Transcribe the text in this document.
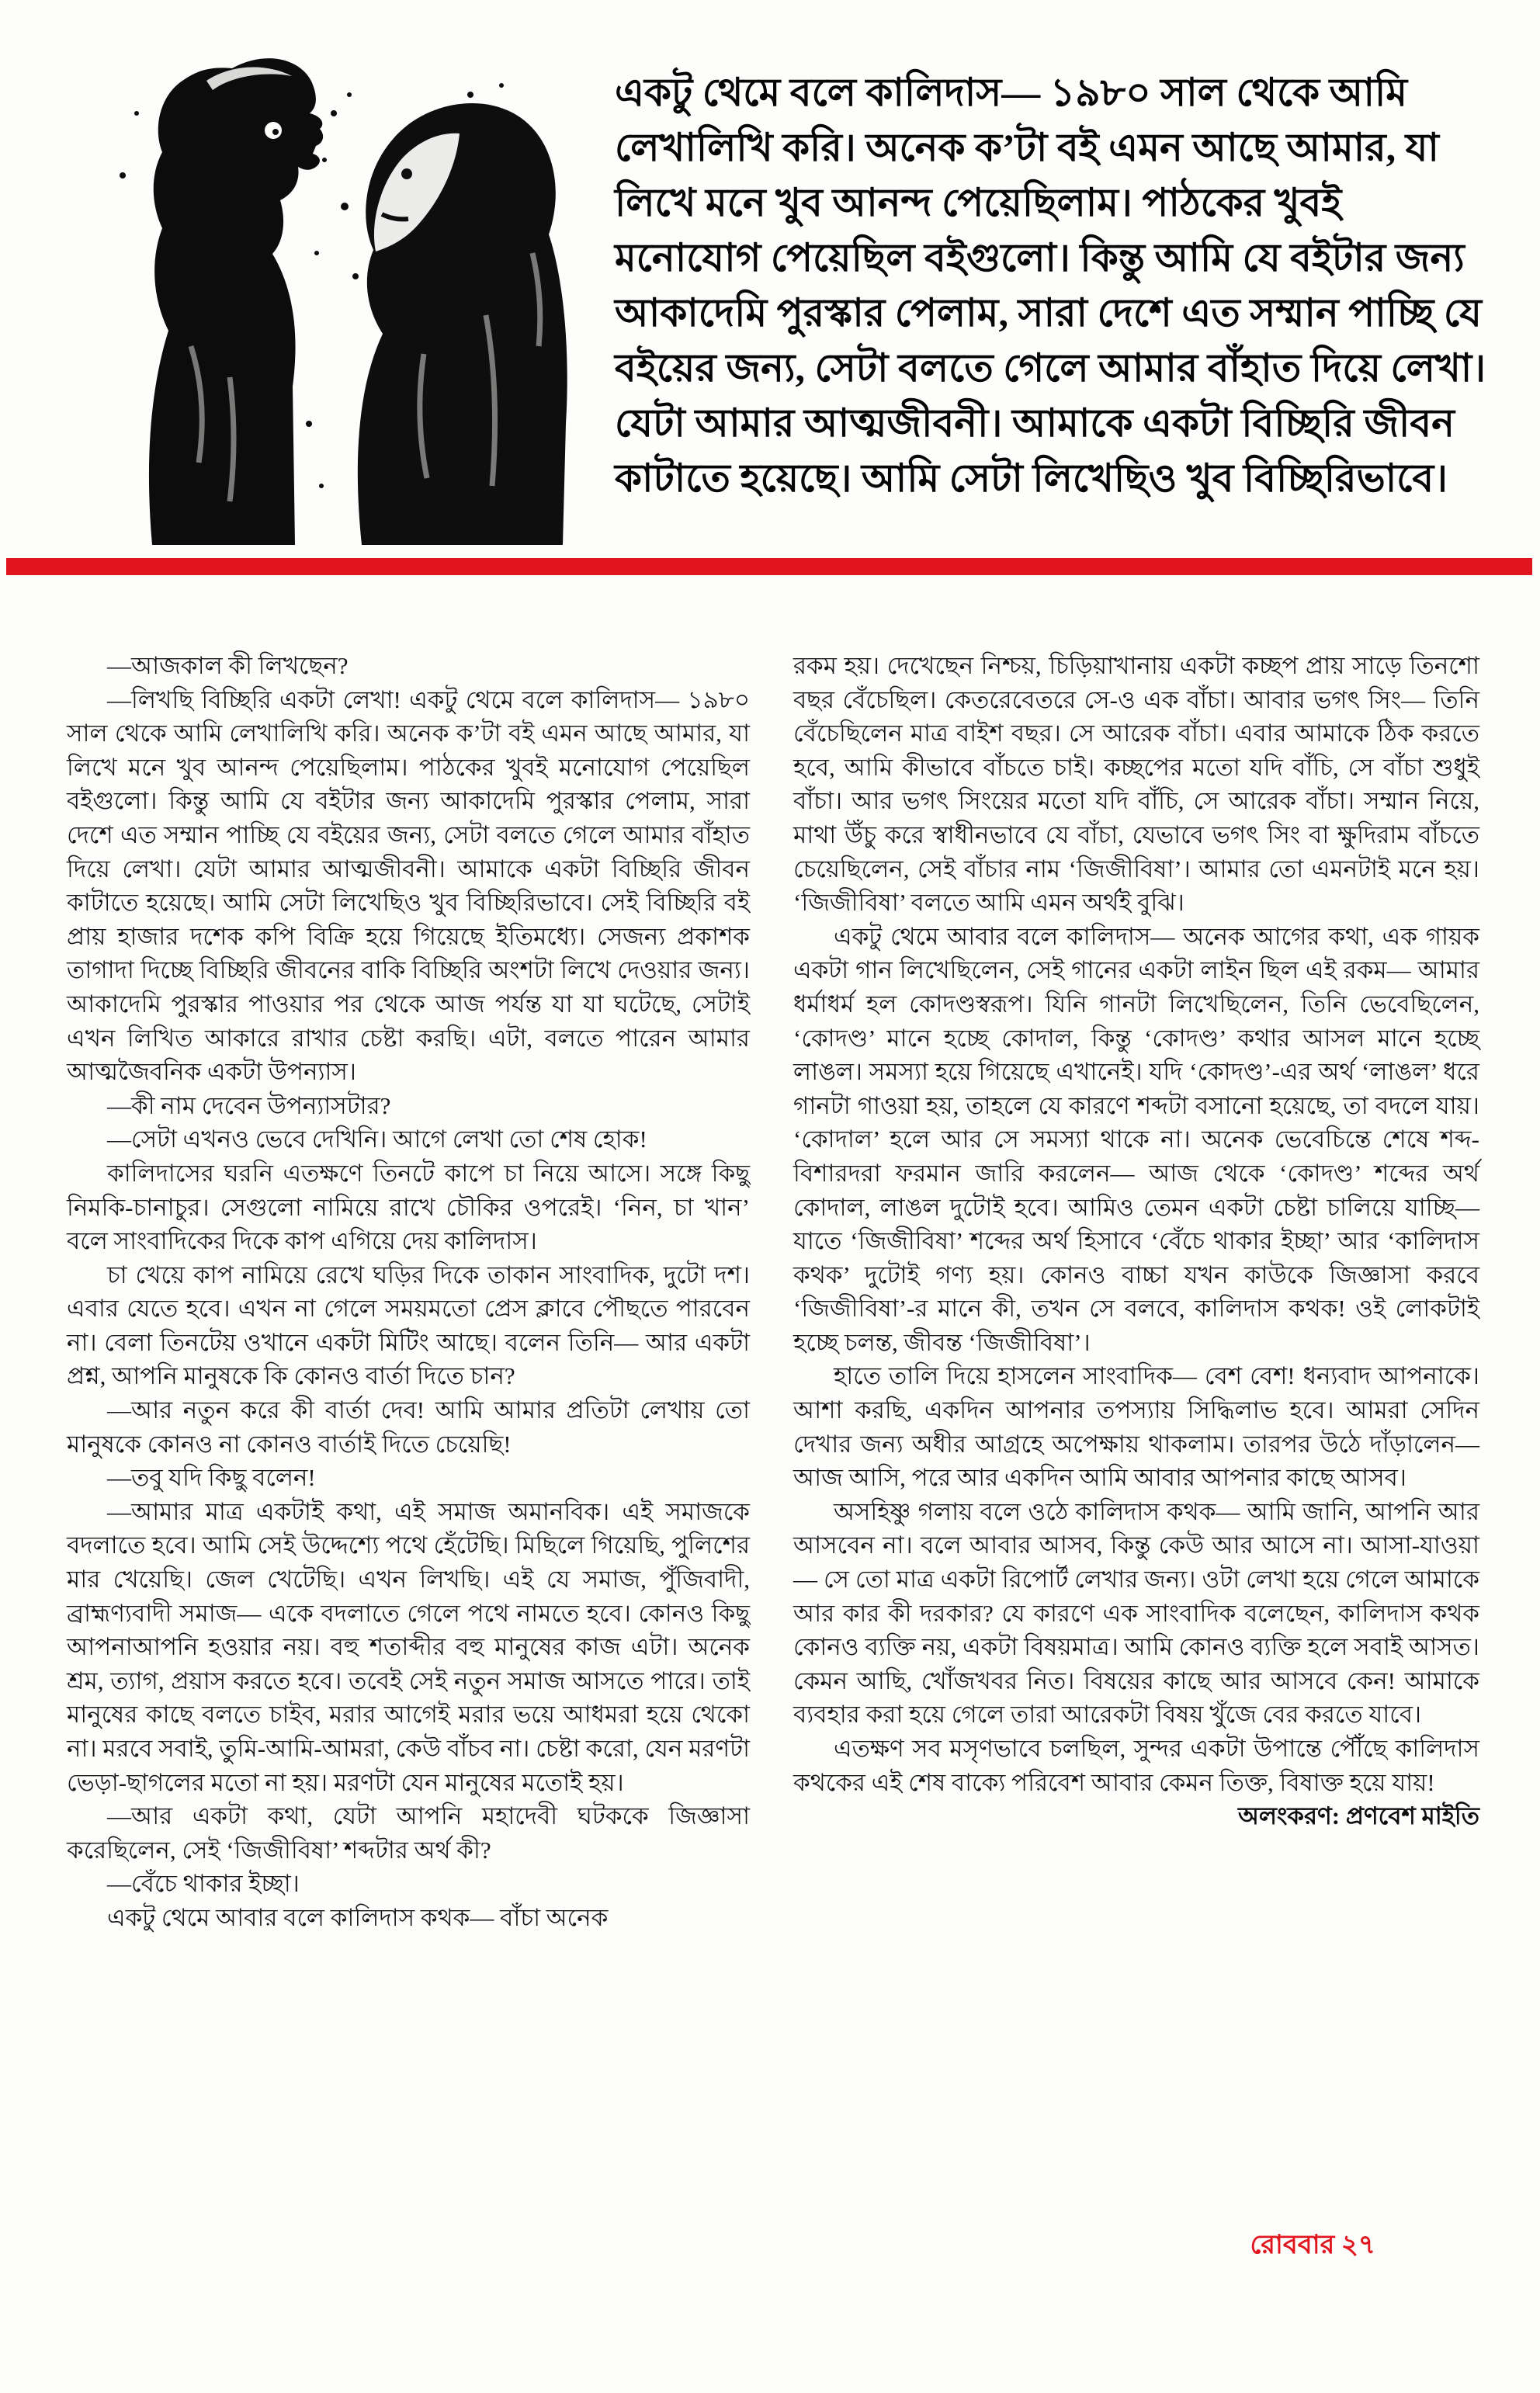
একটু থেমে বলে কালিদাস— ১৯৮০ সাল থেকে আমি
লেখালিখি করি। অনেক ক’টা বই এমন আছে আমার, যা
লিখে মনে খুব আনন্দ পেয়েছিলাম। পাঠকের খুবই
মনোযোগ পেয়েছিল বইগুলো। কিন্তু আমি যে বইটার জন্য
আকাদেমি পুরস্কার পেলাম, সারা দেশে এত সম্মান পাচ্ছি যে
বইয়ের জন্য, সেটা বলতে গেলে আমার বাঁহাত দিয়ে লেখা।
যেটা আমার আত্মজীবনী। আমাকে একটা বিচ্ছিরি জীবন
কাটাতে হয়েছে। আমি সেটা লিখেছিও খুব বিচ্ছিরিভাবে।

—আজকাল কী লিখছেন?

—লিখছি বিচ্ছিরি একটা লেখা! একটু থেমে বলে কালিদাস— ১৯৮০ সাল থেকে আমি লেখালিখি করি। অনেক ক’টা বই এমন আছে আমার, যা লিখে মনে খুব আনন্দ পেয়েছিলাম। পাঠকের খুবই মনোযোগ পেয়েছিল বইগুলো। কিন্তু আমি যে বইটার জন্য আকাদেমি পুরস্কার পেলাম, সারা দেশে এত সম্মান পাচ্ছি যে বইয়ের জন্য, সেটা বলতে গেলে আমার বাঁহাত দিয়ে লেখা। যেটা আমার আত্মজীবনী। আমাকে একটা বিচ্ছিরি জীবন কাটাতে হয়েছে। আমি সেটা লিখেছিও খুব বিচ্ছিরিভাবে। সেই বিচ্ছিরি বই প্রায় হাজার দশেক কপি বিক্রি হয়ে গিয়েছে ইতিমধ্যে। সেজন্য প্রকাশক তাগাদা দিচ্ছে বিচ্ছিরি জীবনের বাকি বিচ্ছিরি অংশটা লিখে দেওয়ার জন্য। আকাদেমি পুরস্কার পাওয়ার পর থেকে আজ পর্যন্ত যা যা ঘটেছে, সেটাই এখন লিখিত আকারে রাখার চেষ্টা করছি। এটা, বলতে পারেন আমার আত্মজৈবনিক একটা উপন্যাস।

—কী নাম দেবেন উপন্যাসটার?

—সেটা এখনও ভেবে দেখিনি। আগে লেখা তো শেষ হোক!

কালিদাসের ঘরনি এতক্ষণে তিনটে কাপে চা নিয়ে আসে। সঙ্গে কিছু নিমকি-চানাচুর। সেগুলো নামিয়ে রাখে চৌকির ওপরেই। ‘নিন, চা খান’ বলে সাংবাদিকের দিকে কাপ এগিয়ে দেয় কালিদাস।

চা খেয়ে কাপ নামিয়ে রেখে ঘড়ির দিকে তাকান সাংবাদিক, দুটো দশ। এবার যেতে হবে। এখন না গেলে সময়মতো প্রেস ক্লাবে পৌছতে পারবেন না। বেলা তিনটেয় ওখানে একটা মিটিং আছে। বলেন তিনি— আর একটা প্রশ্ন, আপনি মানুষকে কি কোনও বার্তা দিতে চান?

—আর নতুন করে কী বার্তা দেব! আমি আমার প্রতিটা লেখায় তো মানুষকে কোনও না কোনও বার্তাই দিতে চেয়েছি!

—তবু যদি কিছু বলেন!

—আমার মাত্র একটাই কথা, এই সমাজ অমানবিক। এই সমাজকে বদলাতে হবে। আমি সেই উদ্দেশ্যে পথে হেঁটেছি। মিছিলে গিয়েছি, পুলিশের মার খেয়েছি। জেল খেটেছি। এখন লিখছি। এই যে সমাজ, পুঁজিবাদী, ব্রাহ্মণ্যবাদী সমাজ— একে বদলাতে গেলে পথে নামতে হবে। কোনও কিছু আপনাআপনি হওয়ার নয়। বহু শতাব্দীর বহু মানুষের কাজ এটা। অনেক শ্রম, ত্যাগ, প্রয়াস করতে হবে। তবেই সেই নতুন সমাজ আসতে পারে। তাই মানুষের কাছে বলতে চাইব, মরার আগেই মরার ভয়ে আধমরা হয়ে থেকো না। মরবে সবাই, তুমি-আমি-আমরা, কেউ বাঁচব না। চেষ্টা করো, যেন মরণটা ভেড়া-ছাগলের মতো না হয়। মরণটা যেন মানুষের মতোই হয়।

—আর একটা কথা, যেটা আপনি মহাদেবী ঘটককে জিজ্ঞাসা করেছিলেন, সেই ‘জিজীবিষা’ শব্দটার অর্থ কী?

—বেঁচে থাকার ইচ্ছা।

একটু থেমে আবার বলে কালিদাস কথক— বাঁচা অনেক

রকম হয়। দেখেছেন নিশ্চয়, চিড়িয়াখানায় একটা কচ্ছপ প্রায় সাড়ে তিনশো বছর বেঁচেছিল। কেতরেবেতরে সে-ও এক বাঁচা। আবার ভগৎ সিং— তিনি বেঁচেছিলেন মাত্র বাইশ বছর। সে আরেক বাঁচা। এবার আমাকে ঠিক করতে হবে, আমি কীভাবে বাঁচতে চাই। কচ্ছপের মতো যদি বাঁচি, সে বাঁচা শুধুই বাঁচা। আর ভগৎ সিংয়ের মতো যদি বাঁচি, সে আরেক বাঁচা। সম্মান নিয়ে, মাথা উঁচু করে স্বাধীনভাবে যে বাঁচা, যেভাবে ভগৎ সিং বা ক্ষুদিরাম বাঁচতে চেয়েছিলেন, সেই বাঁচার নাম ‘জিজীবিষা’। আমার তো এমনটাই মনে হয়। ‘জিজীবিষা’ বলতে আমি এমন অর্থই বুঝি।

একটু থেমে আবার বলে কালিদাস— অনেক আগের কথা, এক গায়ক একটা গান লিখেছিলেন, সেই গানের একটা লাইন ছিল এই রকম— আমার ধর্মাধর্ম হল কোদণ্ডস্বরূপ। যিনি গানটা লিখেছিলেন, তিনি ভেবেছিলেন, ‘কোদণ্ড’ মানে হচ্ছে কোদাল, কিন্তু ‘কোদণ্ড’ কথার আসল মানে হচ্ছে লাঙল। সমস্যা হয়ে গিয়েছে এখানেই। যদি ‘কোদণ্ড’-এর অর্থ ‘লাঙল’ ধরে গানটা গাওয়া হয়, তাহলে যে কারণে শব্দটা বসানো হয়েছে, তা বদলে যায়। ‘কোদাল’ হলে আর সে সমস্যা থাকে না। অনেক ভেবেচিন্তে শেষে শব্দ-বিশারদরা ফরমান জারি করলেন— আজ থেকে ‘কোদণ্ড’ শব্দের অর্থ কোদাল, লাঙল দুটোই হবে। আমিও তেমন একটা চেষ্টা চালিয়ে যাচ্ছি— যাতে ‘জিজীবিষা’ শব্দের অর্থ হিসাবে ‘বেঁচে থাকার ইচ্ছা’ আর ‘কালিদাস কথক’ দুটোই গণ্য হয়। কোনও বাচ্চা যখন কাউকে জিজ্ঞাসা করবে ‘জিজীবিষা’-র মানে কী, তখন সে বলবে, কালিদাস কথক! ওই লোকটাই হচ্ছে চলন্ত, জীবন্ত ‘জিজীবিষা’।

হাতে তালি দিয়ে হাসলেন সাংবাদিক— বেশ বেশ! ধন্যবাদ আপনাকে। আশা করছি, একদিন আপনার তপস্যায় সিদ্ধিলাভ হবে। আমরা সেদিন দেখার জন্য অধীর আগ্রহে অপেক্ষায় থাকলাম। তারপর উঠে দাঁড়ালেন— আজ আসি, পরে আর একদিন আমি আবার আপনার কাছে আসব।

অসহিষ্ণু গলায় বলে ওঠে কালিদাস কথক— আমি জানি, আপনি আর আসবেন না। বলে আবার আসব, কিন্তু কেউ আর আসে না। আসা-যাওয়া— সে তো মাত্র একটা রিপোর্ট লেখার জন্য। ওটা লেখা হয়ে গেলে আমাকে আর কার কী দরকার? যে কারণে এক সাংবাদিক বলেছেন, কালিদাস কথক কোনও ব্যক্তি নয়, একটা বিষয়মাত্র। আমি কোনও ব্যক্তি হলে সবাই আসত। কেমন আছি, খোঁজখবর নিত। বিষয়ের কাছে আর আসবে কেন! আমাকে ব্যবহার করা হয়ে গেলে তারা আরেকটা বিষয় খুঁজে বের করতে যাবে।

এতক্ষণ সব মসৃণভাবে চলছিল, সুন্দর একটা উপান্তে পৌঁছে কালিদাস কথকের এই শেষ বাক্যে পরিবেশ আবার কেমন তিক্ত, বিষাক্ত হয়ে যায়!

অলংকরণ: প্রণবেশ মাইতি

রোববার ২৭
